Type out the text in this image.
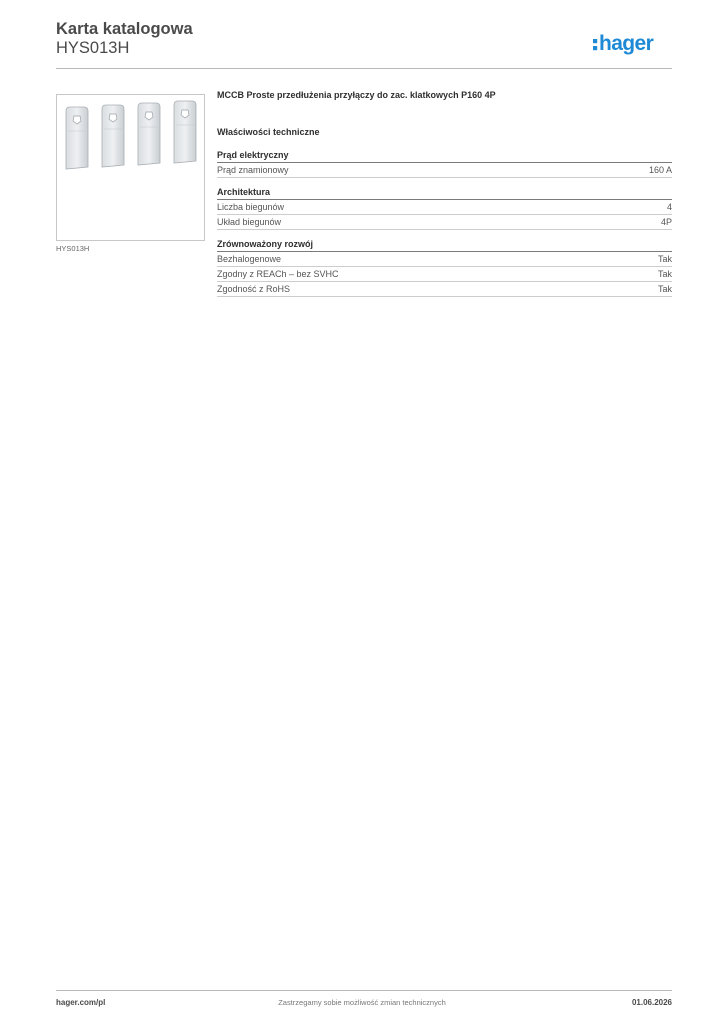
Karta katalogowa
HYS013H	hager
HYS013H

MCCB Proste przedłużenia przyłączy do zac. klatkowych P160 4P

Właściwości techniczne

Prąd elektryczny
Prąd znamionowy	160 A
Architektura
Liczba biegunów	4
Układ biegunów	4P
Zrównoważony rozwój
Bezhalogenowe	Tak
Zgodny z REACh – bez SVHC	Tak
Zgodność z RoHS	Tak
hager.com/pl	Zastrzegamy sobie możliwość zmian technicznych	01.06.2026
